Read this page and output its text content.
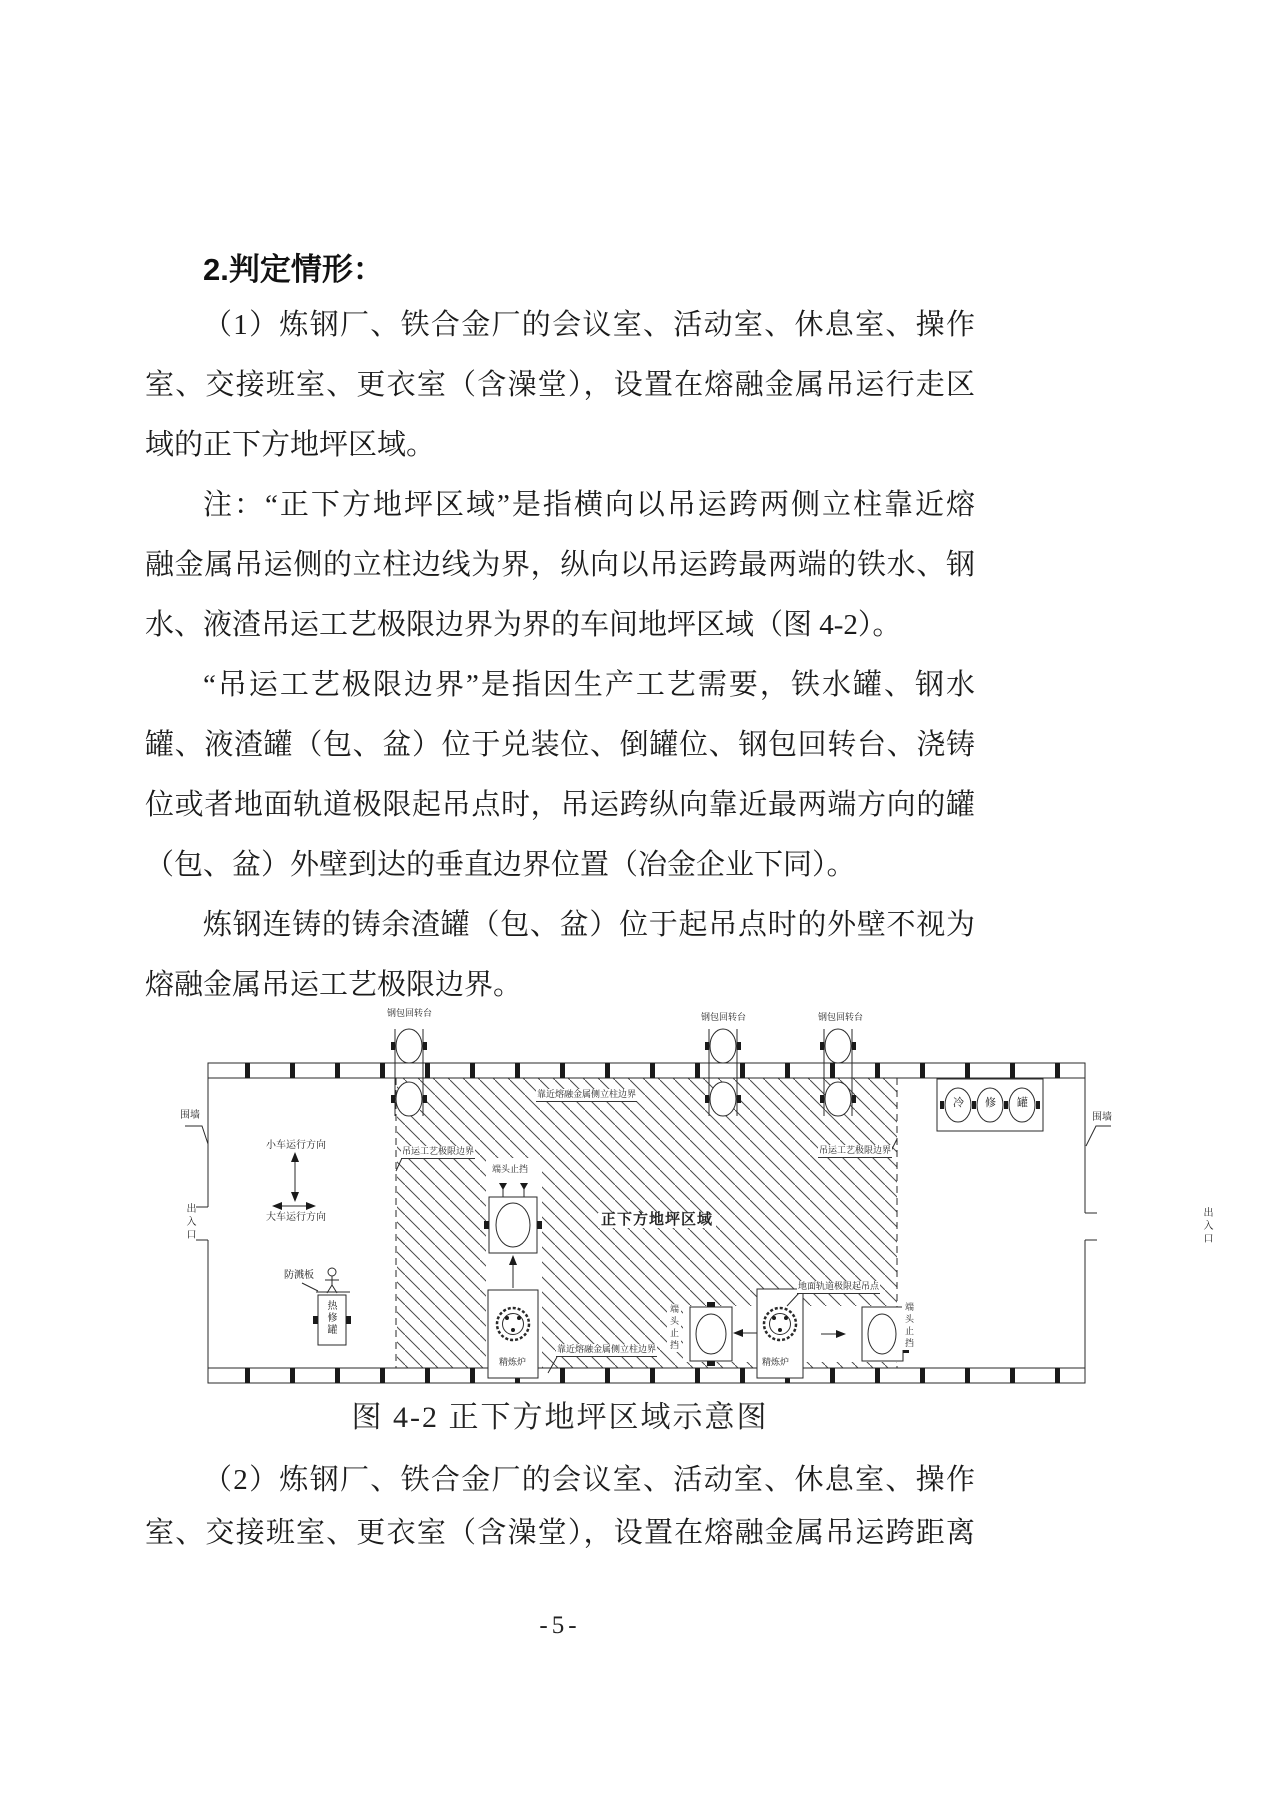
2.判定情形：
（1）炼钢厂、铁合金厂的会议室、活动室、休息室、操作
室、交接班室、更衣室（含澡堂），设置在熔融金属吊运行走区
域的正下方地坪区域。
注：“正下方地坪区域”是指横向以吊运跨两侧立柱靠近熔
融金属吊运侧的立柱边线为界，纵向以吊运跨最两端的铁水、钢
水、液渣吊运工艺极限边界为界的车间地坪区域（图 4-2）。
“吊运工艺极限边界”是指因生产工艺需要，铁水罐、钢水
罐、液渣罐（包、盆）位于兑装位、倒罐位、钢包回转台、浇铸
位或者地面轨道极限起吊点时，吊运跨纵向靠近最两端方向的罐
（包、盆）外壁到达的垂直边界位置（冶金企业下同）。
炼钢连铸的铸余渣罐（包、盆）位于起吊点时的外壁不视为
熔融金属吊运工艺极限边界。
钢包回转台	钢包回转台	钢包回转台
围墙	围墙
出入口	出入口
小车运行方向
大车运行方向
防溅板
热修罐
靠近熔融金属侧立柱边界
吊运工艺极限边界	吊运工艺极限边界
正下方地坪区域
端头止挡
地面轨道极限起吊点
靠近熔融金属侧立柱边界 端头止挡	端头止挡
精炼炉	精炼炉
冷 修 罐
图 4-2 正下方地坪区域示意图
（2）炼钢厂、铁合金厂的会议室、活动室、休息室、操作
室、交接班室、更衣室（含澡堂），设置在熔融金属吊运跨距离
-5-
